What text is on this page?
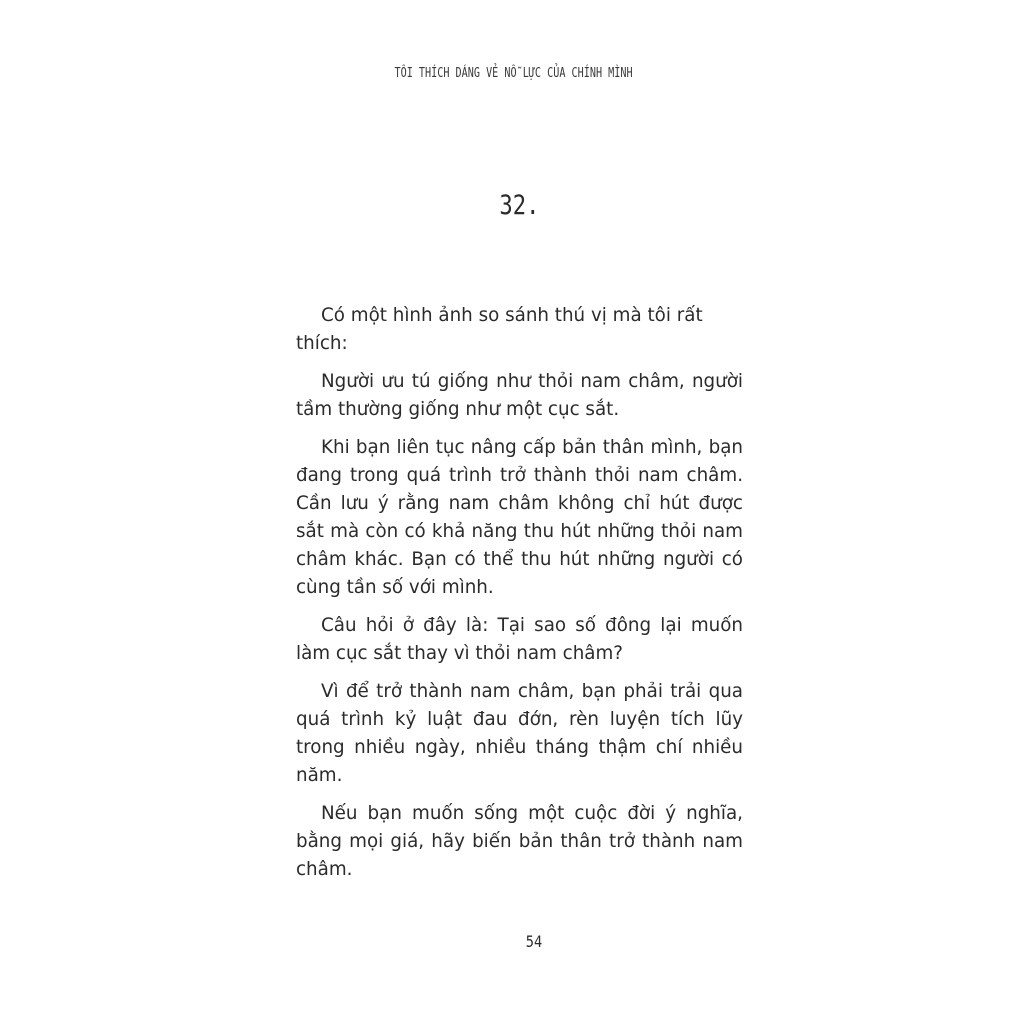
TÔI THÍCH DÁNG VẺ NỖ LỰC CỦA CHÍNH MÌNH
32.

Có một hình ảnh so sánh thú vị mà tôi rất thích:

Người ưu tú giống như thỏi nam châm, người tầm thường giống như một cục sắt.

Khi bạn liên tục nâng cấp bản thân mình, bạn đang trong quá trình trở thành thỏi nam châm. Cần lưu ý rằng nam châm không chỉ hút được sắt mà còn có khả năng thu hút những thỏi nam châm khác. Bạn có thể thu hút những người có cùng tần số với mình.

Câu hỏi ở đây là: Tại sao số đông lại muốn làm cục sắt thay vì thỏi nam châm?

Vì để trở thành nam châm, bạn phải trải qua quá trình kỷ luật đau đớn, rèn luyện tích lũy trong nhiều ngày, nhiều tháng thậm chí nhiều năm.

Nếu bạn muốn sống một cuộc đời ý nghĩa, bằng mọi giá, hãy biến bản thân trở thành nam châm.

54
